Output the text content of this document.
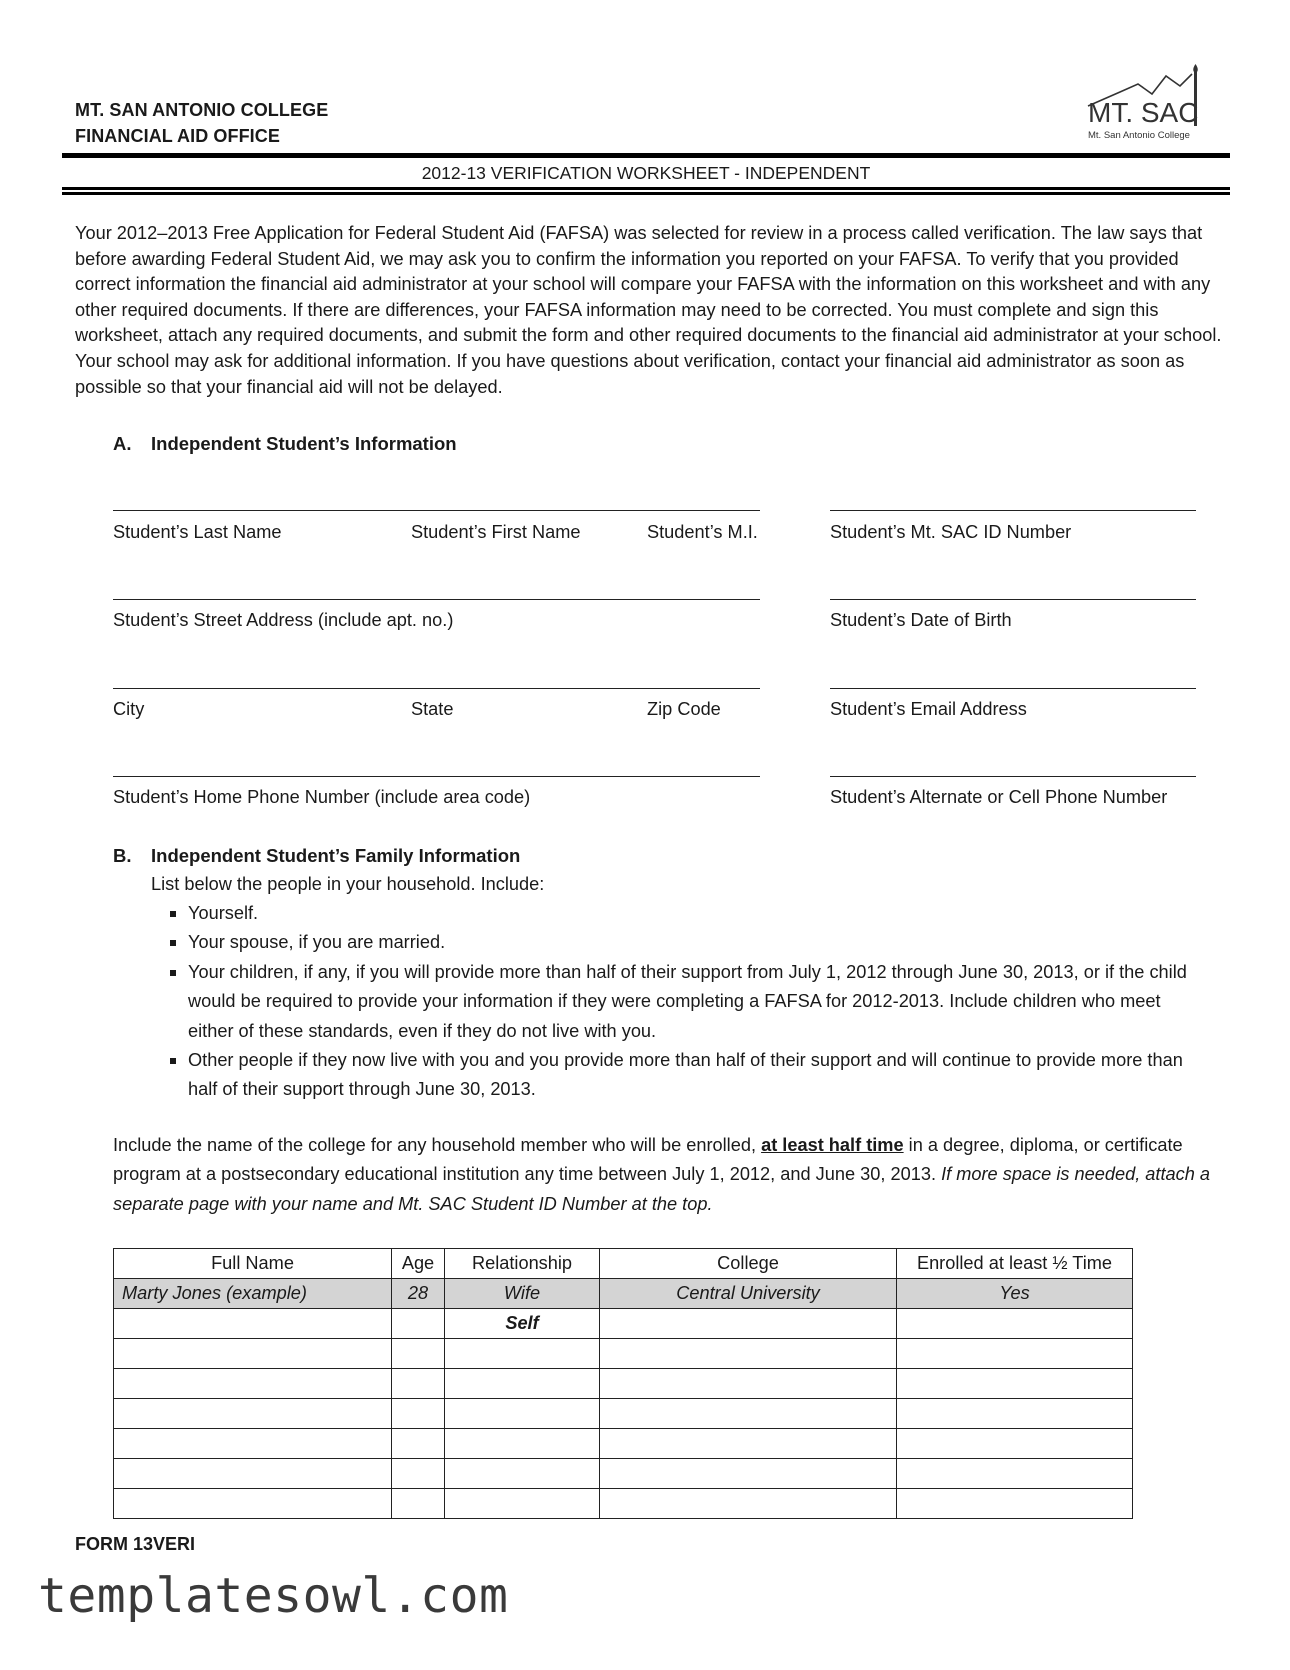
MT. SAN ANTONIO COLLEGE
FINANCIAL AID OFFICE
MT. SAC
Mt. San Antonio College
2012-13 VERIFICATION WORKSHEET - INDEPENDENT
Your 2012–2013 Free Application for Federal Student Aid (FAFSA) was selected for review in a process called verification. The law says that before awarding Federal Student Aid, we may ask you to confirm the information you reported on your FAFSA. To verify that you provided correct information the financial aid administrator at your school will compare your FAFSA with the information on this worksheet and with any other required documents. If there are differences, your FAFSA information may need to be corrected. You must complete and sign this worksheet, attach any required documents, and submit the form and other required documents to the financial aid administrator at your school. Your school may ask for additional information. If you have questions about verification, contact your financial aid administrator as soon as possible so that your financial aid will not be delayed.
A. Independent Student’s Information
Student’s Last Name	Student’s First Name	Student’s M.I.	Student’s Mt. SAC ID Number
Student’s Street Address (include apt. no.)	Student’s Date of Birth
City	State	Zip Code	Student’s Email Address
Student’s Home Phone Number (include area code)	Student’s Alternate or Cell Phone Number
B. Independent Student’s Family Information
List below the people in your household. Include:
Yourself.
Your spouse, if you are married.
Your children, if any, if you will provide more than half of their support from July 1, 2012 through June 30, 2013, or if the child would be required to provide your information if they were completing a FAFSA for 2012-2013. Include children who meet either of these standards, even if they do not live with you.
Other people if they now live with you and you provide more than half of their support and will continue to provide more than half of their support through June 30, 2013.
Include the name of the college for any household member who will be enrolled, at least half time in a degree, diploma, or certificate program at a postsecondary educational institution any time between July 1, 2012, and June 30, 2013. If more space is needed, attach a separate page with your name and Mt. SAC Student ID Number at the top.
Full Name	Age	Relationship	College	Enrolled at least ½ Time
Marty Jones (example)	28	Wife	Central University	Yes
		Self		

FORM 13VERI
templatesowl.com
